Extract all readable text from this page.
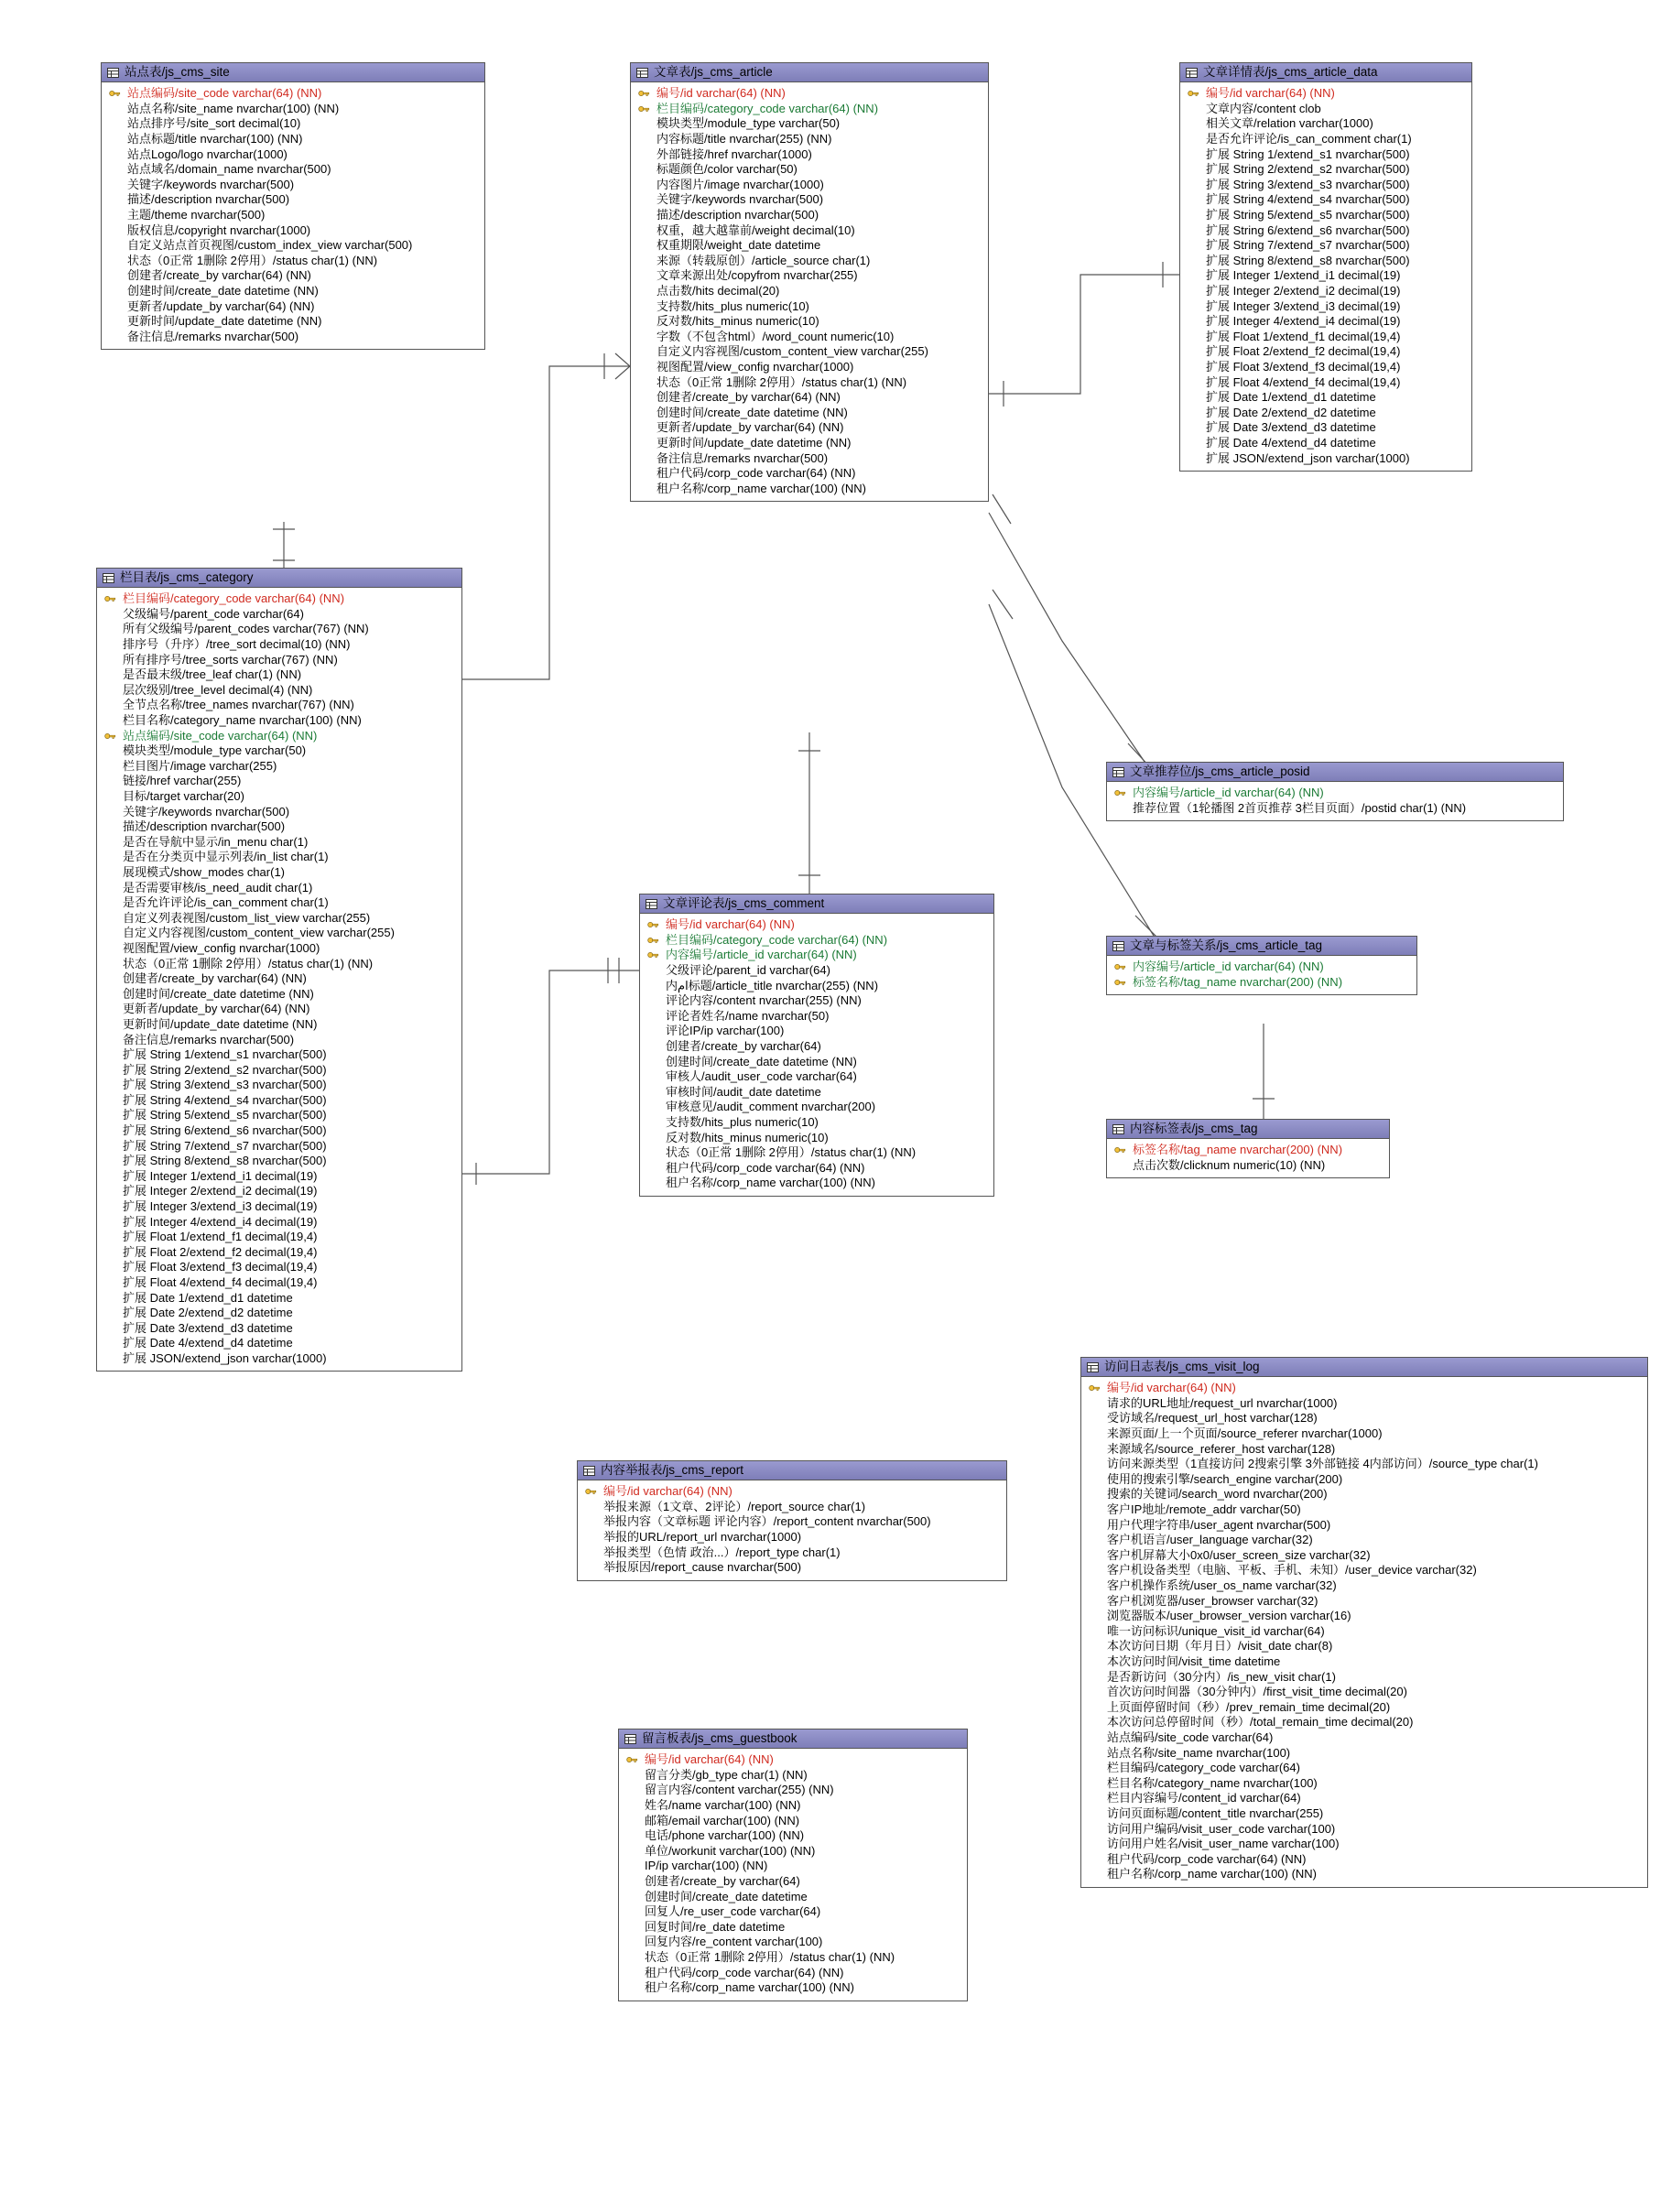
站点表/js_cms_site
站点编码/site_code varchar(64) (NN)
站点名称/site_name nvarchar(100) (NN)
站点排序号/site_sort decimal(10)
站点标题/title nvarchar(100) (NN)
站点Logo/logo nvarchar(1000)
站点域名/domain_name nvarchar(500)
关键字/keywords nvarchar(500)
描述/description nvarchar(500)
主题/theme nvarchar(500)
版权信息/copyright nvarchar(1000)
自定义站点首页视图/custom_index_view varchar(500)
状态（0正常 1删除 2停用）/status char(1) (NN)
创建者/create_by varchar(64) (NN)
创建时间/create_date datetime (NN)
更新者/update_by varchar(64) (NN)
更新时间/update_date datetime (NN)
备注信息/remarks nvarchar(500)
栏目表/js_cms_category
栏目编码/category_code varchar(64) (NN)
父级编号/parent_code varchar(64)
所有父级编号/parent_codes varchar(767) (NN)
排序号（升序）/tree_sort decimal(10) (NN)
所有排序号/tree_sorts varchar(767) (NN)
是否最末级/tree_leaf char(1) (NN)
层次级别/tree_level decimal(4) (NN)
全节点名称/tree_names nvarchar(767) (NN)
栏目名称/category_name nvarchar(100) (NN)
站点编码/site_code varchar(64) (NN)
模块类型/module_type varchar(50)
栏目图片/image varchar(255)
链接/href varchar(255)
目标/target varchar(20)
关键字/keywords nvarchar(500)
描述/description nvarchar(500)
是否在导航中显示/in_menu char(1)
是否在分类页中显示列表/in_list char(1)
展现模式/show_modes char(1)
是否需要审核/is_need_audit char(1)
是否允许评论/is_can_comment char(1)
自定义列表视图/custom_list_view varchar(255)
自定义内容视图/custom_content_view varchar(255)
视图配置/view_config nvarchar(1000)
状态（0正常 1删除 2停用）/status char(1) (NN)
创建者/create_by varchar(64) (NN)
创建时间/create_date datetime (NN)
更新者/update_by varchar(64) (NN)
更新时间/update_date datetime (NN)
备注信息/remarks nvarchar(500)
扩展 String 1/extend_s1 nvarchar(500)
扩展 String 2/extend_s2 nvarchar(500)
扩展 String 3/extend_s3 nvarchar(500)
扩展 String 4/extend_s4 nvarchar(500)
扩展 String 5/extend_s5 nvarchar(500)
扩展 String 6/extend_s6 nvarchar(500)
扩展 String 7/extend_s7 nvarchar(500)
扩展 String 8/extend_s8 nvarchar(500)
扩展 Integer 1/extend_i1 decimal(19)
扩展 Integer 2/extend_i2 decimal(19)
扩展 Integer 3/extend_i3 decimal(19)
扩展 Integer 4/extend_i4 decimal(19)
扩展 Float 1/extend_f1 decimal(19,4)
扩展 Float 2/extend_f2 decimal(19,4)
扩展 Float 3/extend_f3 decimal(19,4)
扩展 Float 4/extend_f4 decimal(19,4)
扩展 Date 1/extend_d1 datetime
扩展 Date 2/extend_d2 datetime
扩展 Date 3/extend_d3 datetime
扩展 Date 4/extend_d4 datetime
扩展 JSON/extend_json varchar(1000)
文章表/js_cms_article
编号/id varchar(64) (NN)
栏目编码/category_code varchar(64) (NN)
模块类型/module_type varchar(50)
内容标题/title nvarchar(255) (NN)
外部链接/href nvarchar(1000)
标题颜色/color varchar(50)
内容图片/image nvarchar(1000)
关键字/keywords nvarchar(500)
描述/description nvarchar(500)
权重，越大越靠前/weight decimal(10)
权重期限/weight_date datetime
来源（转载原创）/article_source char(1)
文章来源出处/copyfrom nvarchar(255)
点击数/hits decimal(20)
支持数/hits_plus numeric(10)
反对数/hits_minus numeric(10)
字数（不包含html）/word_count numeric(10)
自定义内容视图/custom_content_view varchar(255)
视图配置/view_config nvarchar(1000)
状态（0正常 1删除 2停用）/status char(1) (NN)
创建者/create_by varchar(64) (NN)
创建时间/create_date datetime (NN)
更新者/update_by varchar(64) (NN)
更新时间/update_date datetime (NN)
备注信息/remarks nvarchar(500)
租户代码/corp_code varchar(64) (NN)
租户名称/corp_name varchar(100) (NN)
文章详情表/js_cms_article_data
编号/id varchar(64) (NN)
文章内容/content clob
相关文章/relation varchar(1000)
是否允许评论/is_can_comment char(1)
扩展 String 1/extend_s1 nvarchar(500)
扩展 String 2/extend_s2 nvarchar(500)
扩展 String 3/extend_s3 nvarchar(500)
扩展 String 4/extend_s4 nvarchar(500)
扩展 String 5/extend_s5 nvarchar(500)
扩展 String 6/extend_s6 nvarchar(500)
扩展 String 7/extend_s7 nvarchar(500)
扩展 String 8/extend_s8 nvarchar(500)
扩展 Integer 1/extend_i1 decimal(19)
扩展 Integer 2/extend_i2 decimal(19)
扩展 Integer 3/extend_i3 decimal(19)
扩展 Integer 4/extend_i4 decimal(19)
扩展 Float 1/extend_f1 decimal(19,4)
扩展 Float 2/extend_f2 decimal(19,4)
扩展 Float 3/extend_f3 decimal(19,4)
扩展 Float 4/extend_f4 decimal(19,4)
扩展 Date 1/extend_d1 datetime
扩展 Date 2/extend_d2 datetime
扩展 Date 3/extend_d3 datetime
扩展 Date 4/extend_d4 datetime
扩展 JSON/extend_json varchar(1000)
文章推荐位/js_cms_article_posid
内容编号/article_id varchar(64) (NN)
推荐位置（1轮播图 2首页推荐 3栏目页面）/postid char(1) (NN)
文章与标签关系/js_cms_article_tag
内容编号/article_id varchar(64) (NN)
标签名称/tag_name nvarchar(200) (NN)
内容标签表/js_cms_tag
标签名称/tag_name nvarchar(200) (NN)
点击次数/clicknum numeric(10) (NN)
文章评论表/js_cms_comment
编号/id varchar(64) (NN)
栏目编码/category_code varchar(64) (NN)
内容编号/article_id varchar(64) (NN)
父级评论/parent_id varchar(64)
内ام标题/article_title nvarchar(255) (NN)
评论内容/content nvarchar(255) (NN)
评论者姓名/name nvarchar(50)
评论IP/ip varchar(100)
创建者/create_by varchar(64)
创建时间/create_date datetime (NN)
审核人/audit_user_code varchar(64)
审核时间/audit_date datetime
审核意见/audit_comment nvarchar(200)
支持数/hits_plus numeric(10)
反对数/hits_minus numeric(10)
状态（0正常 1删除 2停用）/status char(1) (NN)
租户代码/corp_code varchar(64) (NN)
租户名称/corp_name varchar(100) (NN)
内容举报表/js_cms_report
编号/id varchar(64) (NN)
举报来源（1文章、2评论）/report_source char(1)
举报内容（文章标题 评论内容）/report_content nvarchar(500)
举报的URL/report_url nvarchar(1000)
举报类型（色情 政治...）/report_type char(1)
举报原因/report_cause nvarchar(500)
留言板表/js_cms_guestbook
编号/id varchar(64) (NN)
留言分类/gb_type char(1) (NN)
留言内容/content varchar(255) (NN)
姓名/name varchar(100) (NN)
邮箱/email varchar(100) (NN)
电话/phone varchar(100) (NN)
单位/workunit varchar(100) (NN)
IP/ip varchar(100) (NN)
创建者/create_by varchar(64)
创建时间/create_date datetime
回复人/re_user_code varchar(64)
回复时间/re_date datetime
回复内容/re_content varchar(100)
状态（0正常 1删除 2停用）/status char(1) (NN)
租户代码/corp_code varchar(64) (NN)
租户名称/corp_name varchar(100) (NN)
访问日志表/js_cms_visit_log
编号/id varchar(64) (NN)
请求的URL地址/request_url nvarchar(1000)
受访域名/request_url_host varchar(128)
来源页面/上一个页面/source_referer nvarchar(1000)
来源域名/source_referer_host varchar(128)
访问来源类型（1直接访问 2搜索引擎 3外部链接 4内部访问）/source_type char(1)
使用的搜索引擎/search_engine varchar(200)
搜索的关键词/search_word nvarchar(200)
客户IP地址/remote_addr varchar(50)
用户代理字符串/user_agent nvarchar(500)
客户机语言/user_language varchar(32)
客户机屏幕大小0x0/user_screen_size varchar(32)
客户机设备类型（电脑、平板、手机、未知）/user_device varchar(32)
客户机操作系统/user_os_name varchar(32)
客户机浏览器/user_browser varchar(32)
浏览器版本/user_browser_version varchar(16)
唯一访问标识/unique_visit_id varchar(64)
本次访问日期（年月日）/visit_date char(8)
本次访问时间/visit_time datetime
是否新访问（30分内）/is_new_visit char(1)
首次访问时间器（30分钟内）/first_visit_time decimal(20)
上页面停留时间（秒）/prev_remain_time decimal(20)
本次访问总停留时间（秒）/total_remain_time decimal(20)
站点编码/site_code varchar(64)
站点名称/site_name nvarchar(100)
栏目编码/category_code varchar(64)
栏目名称/category_name nvarchar(100)
栏目内容编号/content_id varchar(64)
访问页面标题/content_title nvarchar(255)
访问用户编码/visit_user_code varchar(100)
访问用户姓名/visit_user_name varchar(100)
租户代码/corp_code varchar(64) (NN)
租户名称/corp_name varchar(100) (NN)
